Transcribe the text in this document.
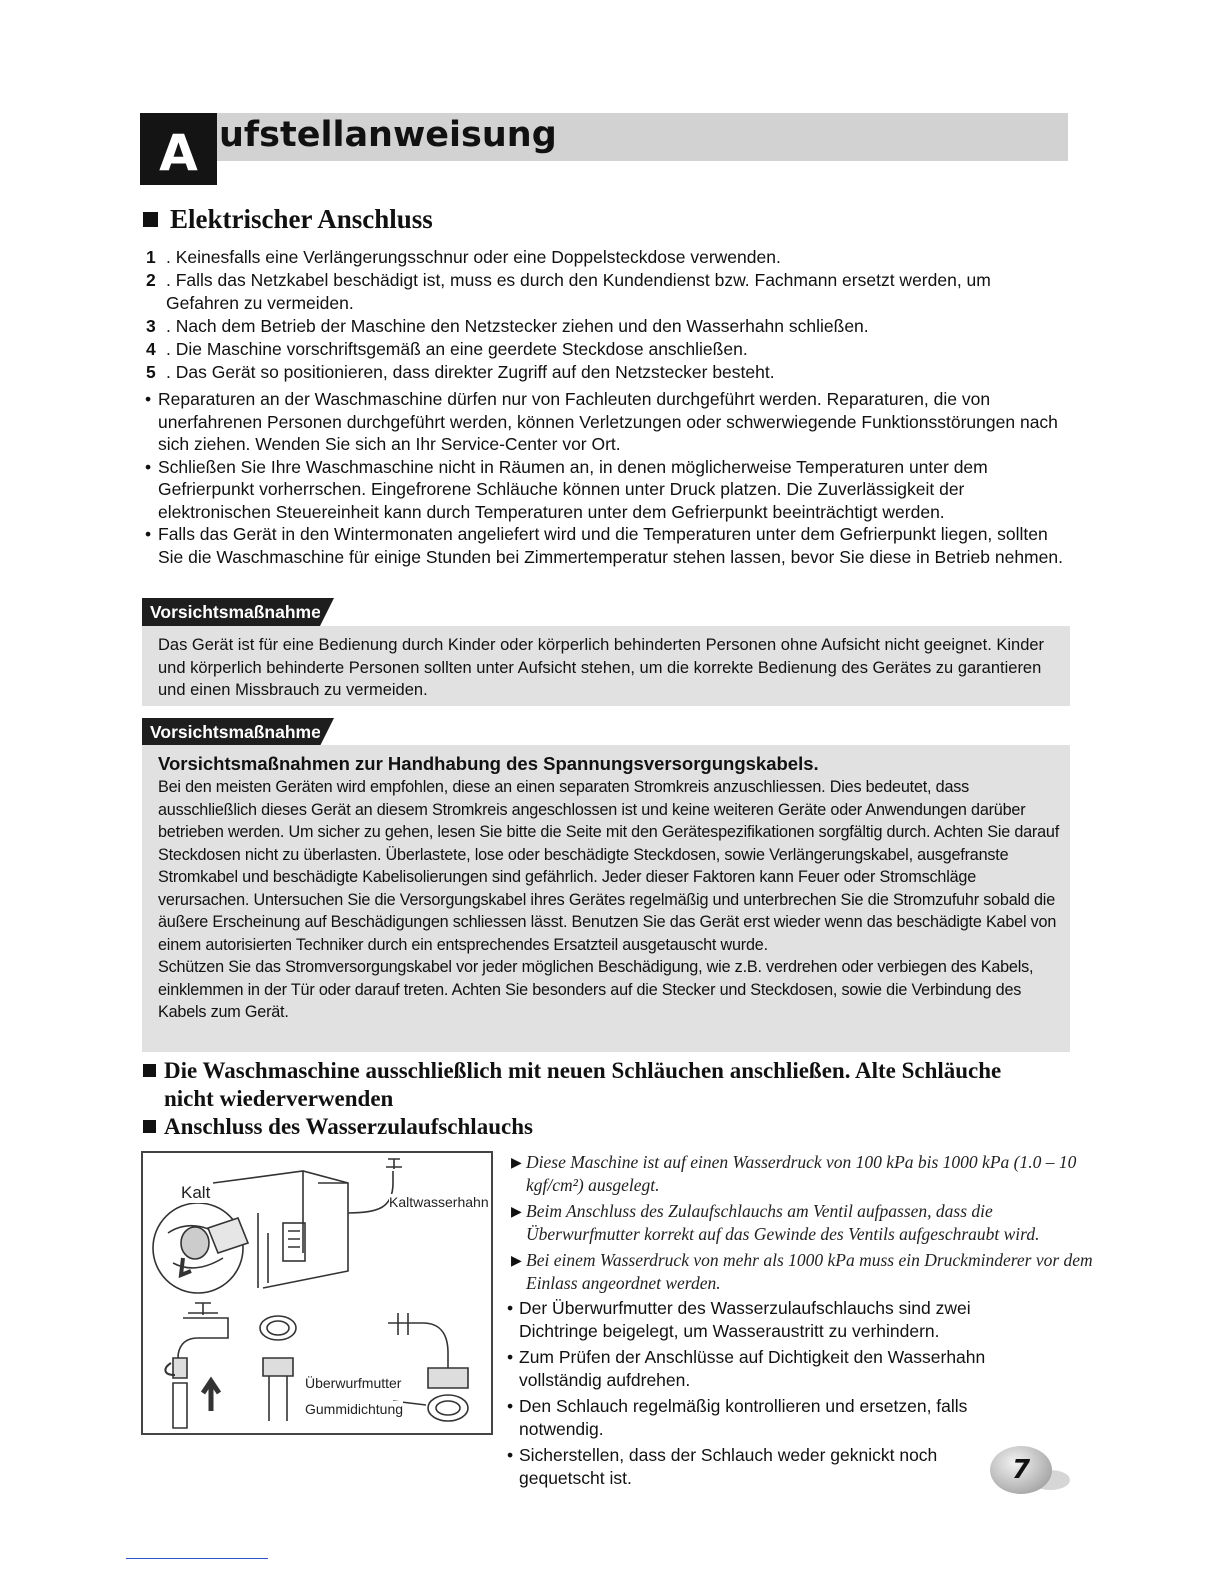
A ufstellanweisung
Elektrischer Anschluss
1 . Keinesfalls eine Verlängerungsschnur oder eine Doppelsteckdose verwenden.
2 . Falls das Netzkabel beschädigt ist, muss es durch den Kundendienst bzw. Fachmann ersetzt werden, um Gefahren zu vermeiden.
3 . Nach dem Betrieb der Maschine den Netzstecker ziehen und den Wasserhahn schließen.
4 . Die Maschine vorschriftsgemäß an eine geerdete Steckdose anschließen.
5 . Das Gerät so positionieren, dass direkter Zugriff auf den Netzstecker besteht.
• Reparaturen an der Waschmaschine dürfen nur von Fachleuten durchgeführt werden. Reparaturen, die von unerfahrenen Personen durchgeführt werden, können Verletzungen oder schwerwiegende Funktionsstörungen nach sich ziehen. Wenden Sie sich an Ihr Service-Center vor Ort.
• Schließen Sie Ihre Waschmaschine nicht in Räumen an, in denen möglicherweise Temperaturen unter dem Gefrierpunkt vorherrschen. Eingefrorene Schläuche können unter Druck platzen. Die Zuverlässigkeit der elektronischen Steuereinheit kann durch Temperaturen unter dem Gefrierpunkt beeinträchtigt werden.
• Falls das Gerät in den Wintermonaten angeliefert wird und die Temperaturen unter dem Gefrierpunkt liegen, sollten Sie die Waschmaschine für einige Stunden bei Zimmertemperatur stehen lassen, bevor Sie diese in Betrieb nehmen.
Vorsichtsmaßnahmen
Das Gerät ist für eine Bedienung durch Kinder oder körperlich behinderten Personen ohne Aufsicht nicht geeignet. Kinder und körperlich behinderte Personen sollten unter Aufsicht stehen, um die korrekte Bedienung des Gerätes zu garantieren und einen Missbrauch zu vermeiden.
Vorsichtsmaßnahmen
Vorsichtsmaßnahmen zur Handhabung des Spannungsversorgungskabels.
Bei den meisten Geräten wird empfohlen, diese an einen separaten Stromkreis anzuschliessen. Dies bedeutet, dass ausschließlich dieses Gerät an diesem Stromkreis angeschlossen ist und keine weiteren Geräte oder Anwendungen darüber betrieben werden. Um sicher zu gehen, lesen Sie bitte die Seite mit den Gerätespezifikationen sorgfältig durch. Achten Sie darauf Steckdosen nicht zu überlasten. Überlastete, lose oder beschädigte Steckdosen, sowie Verlängerungskabel, ausgefranste Stromkabel und beschädigte Kabelisolierungen sind gefährlich. Jeder dieser Faktoren kann Feuer oder Stromschläge verursachen. Untersuchen Sie die Versorgungskabel ihres Gerätes regelmäßig und unterbrechen Sie die Stromzufuhr sobald die äußere Erscheinung auf Beschädigungen schliessen lässt. Benutzen Sie das Gerät erst wieder wenn das beschädigte Kabel von einem autorisierten Techniker durch ein entsprechendes Ersatzteil ausgetauscht wurde.
Schützen Sie das Stromversorgungskabel vor jeder möglichen Beschädigung, wie z.B. verdrehen oder verbiegen des Kabels, einklemmen in der Tür oder darauf treten. Achten Sie besonders auf die Stecker und Steckdosen, sowie die Verbindung des Kabels zum Gerät.
Die Waschmaschine ausschließlich mit neuen Schläuchen anschließen. Alte Schläuche
nicht wiederverwenden
Anschluss des Wasserzulaufschlauchs
Kalt	Kaltwasserhahn
Überwurfmutter
Gummidichtung
▶ Diese Maschine ist auf einen Wasserdruck von 100 kPa bis 1000 kPa (1.0 – 10 kgf/cm²) ausgelegt.
▶ Beim Anschluss des Zulaufschlauchs am Ventil aufpassen, dass die Überwurfmutter korrekt auf das Gewinde des Ventils aufgeschraubt wird.
▶ Bei einem Wasserdruck von mehr als 1000 kPa muss ein Druckminderer vor dem Einlass angeordnet werden.
• Der Überwurfmutter des Wasserzulaufschlauchs sind zwei Dichtringe beigelegt, um Wasseraustritt zu verhindern.
• Zum Prüfen der Anschlüsse auf Dichtigkeit den Wasserhahn vollständig aufdrehen.
• Den Schlauch regelmäßig kontrollieren und ersetzen, falls notwendig.
• Sicherstellen, dass der Schlauch weder geknickt noch gequetscht ist.	7
